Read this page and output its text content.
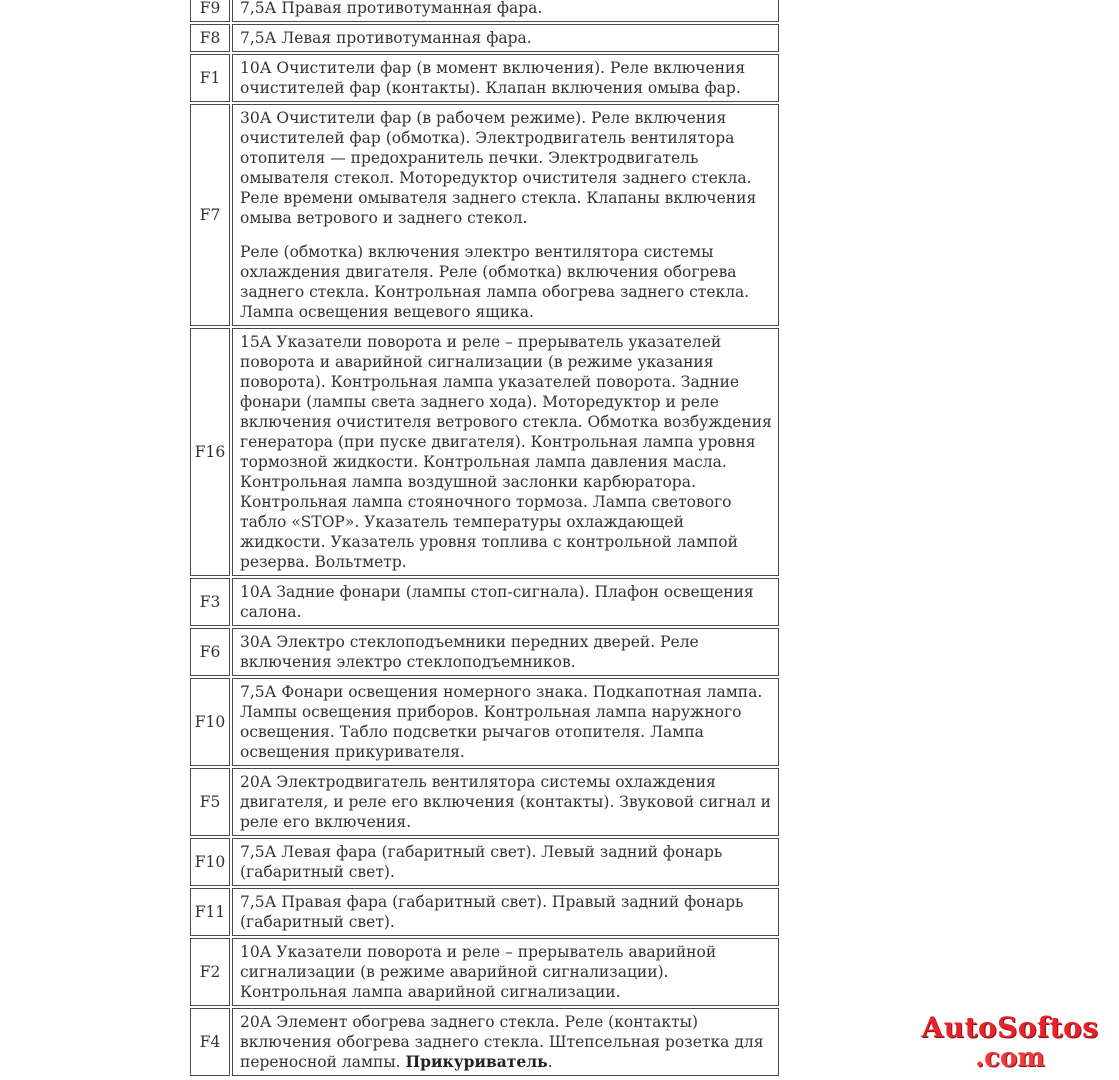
F9	7,5А Правая противотуманная фара.

F8	7,5А Левая противотуманная фара.

F1	10А Очистители фар (в момент включения). Реле включения очистителей фар (контакты). Клапан включения омыва фар.

F7	30А Очистители фар (в рабочем режиме). Реле включения очистителей фар (обмотка). Электродвигатель вентилятора отопителя — предохранитель печки. Электродвигатель омывателя стекол. Моторедуктор очистителя заднего стекла. Реле времени омывателя заднего стекла. Клапаны включения омыва ветрового и заднего стекол.

Реле (обмотка) включения электро вентилятора системы охлаждения двигателя. Реле (обмотка) включения обогрева заднего стекла. Контрольная лампа обогрева заднего стекла. Лампа освещения вещевого ящика.

F16	15А Указатели поворота и реле – прерыватель указателей поворота и аварийной сигнализации (в режиме указания поворота). Контрольная лампа указателей поворота. Задние фонари (лампы света заднего хода). Моторедуктор и реле включения очистителя ветрового стекла. Обмотка возбуждения генератора (при пуске двигателя). Контрольная лампа уровня тормозной жидкости. Контрольная лампа давления масла. Контрольная лампа воздушной заслонки карбюратора. Контрольная лампа стояночного тормоза. Лампа светового табло «STOP». Указатель температуры охлаждающей жидкости. Указатель уровня топлива с контрольной лампой резерва. Вольтметр.

F3	10А Задние фонари (лампы стоп-сигнала). Плафон освещения салона.

F6	30А Электро стеклоподъемники передних дверей. Реле включения электро стеклоподъемников.

F10	7,5А Фонари освещения номерного знака. Подкапотная лампа. Лампы освещения приборов. Контрольная лампа наружного освещения. Табло подсветки рычагов отопителя. Лампа освещения прикуривателя.

F5	20А Электродвигатель вентилятора системы охлаждения двигателя, и реле его включения (контакты). Звуковой сигнал и реле его включения.

F10	7,5А Левая фара (габаритный свет). Левый задний фонарь (габаритный свет).

F11	7,5А Правая фара (габаритный свет). Правый задний фонарь (габаритный свет).

F2	10А Указатели поворота и реле – прерыватель аварийной сигнализации (в режиме аварийной сигнализации). Контрольная лампа аварийной сигнализации.

F4	20А Элемент обогрева заднего стекла. Реле (контакты) включения обогрева заднего стекла. Штепсельная розетка для переносной лампы. Прикуриватель.

AutoSoftos
.com
